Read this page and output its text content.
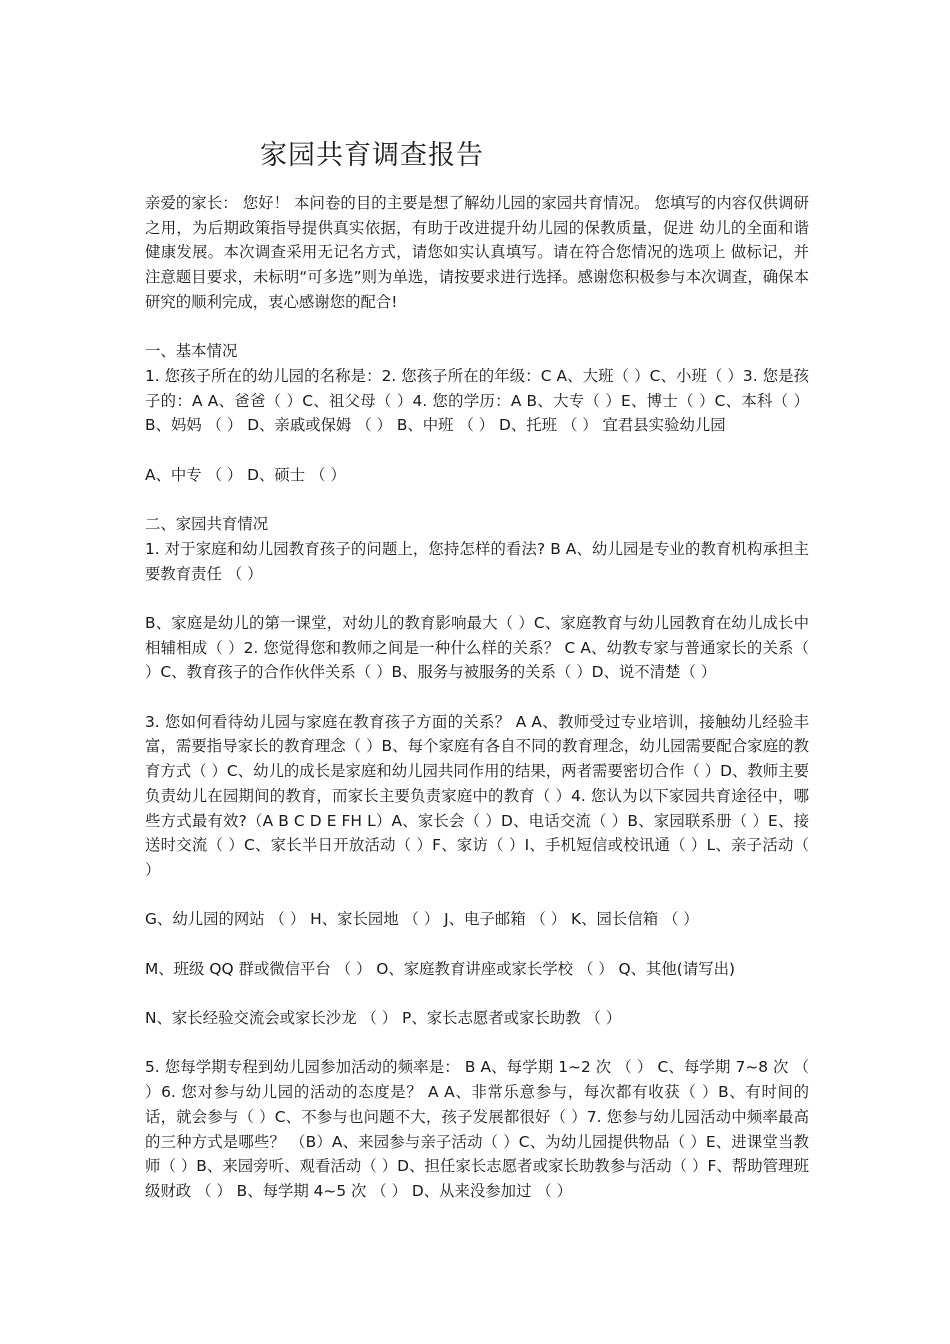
家园共育调查报告

亲爱的家长： 您好！ 本问卷的目的主要是想了解幼儿园的家园共育情况。 您填写的内容仅供调研 之用，为后期政策指导提供真实依据，有助于改进提升幼儿园的保教质量，促进 幼儿的全面和谐健康发展。本次调查采用无记名方式，请您如实认真填写。请在符合您情况的选项上 做标记，并注意题目要求，未标明“可多选”则为单选，请按要求进行选择。感谢您积极参与本次调查，确保本研究的顺利完成，衷心感谢您的配合!

一、基本情况

1. 您孩子所在的幼儿园的名称是：2. 您孩子所在的年级：C A、大班（ ）C、小班（ ）3. 您是孩子的：A A、爸爸（ ）C、祖父母（ ）4. 您的学历：A B、大专（ ）E、博士（ ）C、本科（ ）B、妈妈 （ ） D、亲戚或保姆 （ ） B、中班 （ ） D、托班 （ ） 宜君县实验幼儿园

A、中专 （ ） D、硕士 （ ）

二、家园共育情况

1. 对于家庭和幼儿园教育孩子的问题上，您持怎样的看法? B A、幼儿园是专业的教育机构承担主要教育责任 （ ）

B、家庭是幼儿的第一课堂，对幼儿的教育影响最大（ ）C、家庭教育与幼儿园教育在幼儿成长中相辅相成（ ）2. 您觉得您和教师之间是一种什么样的关系？ C A、幼教专家与普通家长的关系（ ）C、教育孩子的合作伙伴关系（ ）B、服务与被服务的关系（ ）D、说不清楚（ ）

3. 您如何看待幼儿园与家庭在教育孩子方面的关系？ A A、教师受过专业培训，接触幼儿经验丰富，需要指导家长的教育理念（ ）B、每个家庭有各自不同的教育理念，幼儿园需要配合家庭的教育方式（ ）C、幼儿的成长是家庭和幼儿园共同作用的结果，两者需要密切合作（ ）D、教师主要负责幼儿在园期间的教育，而家长主要负责家庭中的教育（ ）4. 您认为以下家园共育途径中，哪些方式最有效?（A B C D E FH L）A、家长会（ ）D、电话交流（ ）B、家园联系册（ ）E、接送时交流（ ）C、家长半日开放活动（ ）F、家访（ ）I、手机短信或校讯通（ ）L、亲子活动（ ）

G、幼儿园的网站 （ ） H、家长园地 （ ） J、电子邮箱 （ ） K、园长信箱 （ ）

M、班级 QQ 群或微信平台 （ ） O、家庭教育讲座或家长学校 （ ） Q、其他(请写出)

N、家长经验交流会或家长沙龙 （ ） P、家长志愿者或家长助教 （ ）

5. 您每学期专程到幼儿园参加活动的频率是： B A、每学期 1~2 次 （ ） C、每学期 7~8 次 （ ）6. 您对参与幼儿园的活动的态度是？ A A、非常乐意参与，每次都有收获（ ）B、有时间的话，就会参与（ ）C、不参与也问题不大，孩子发展都很好（ ）7. 您参与幼儿园活动中频率最高的三种方式是哪些？ （B）A、来园参与亲子活动（ ）C、为幼儿园提供物品（ ）E、进课堂当教师（ ）B、来园旁听、观看活动（ ）D、担任家长志愿者或家长助教参与活动（ ）F、帮助管理班级财政 （ ） B、每学期 4~5 次 （ ） D、从来没参加过 （ ）
